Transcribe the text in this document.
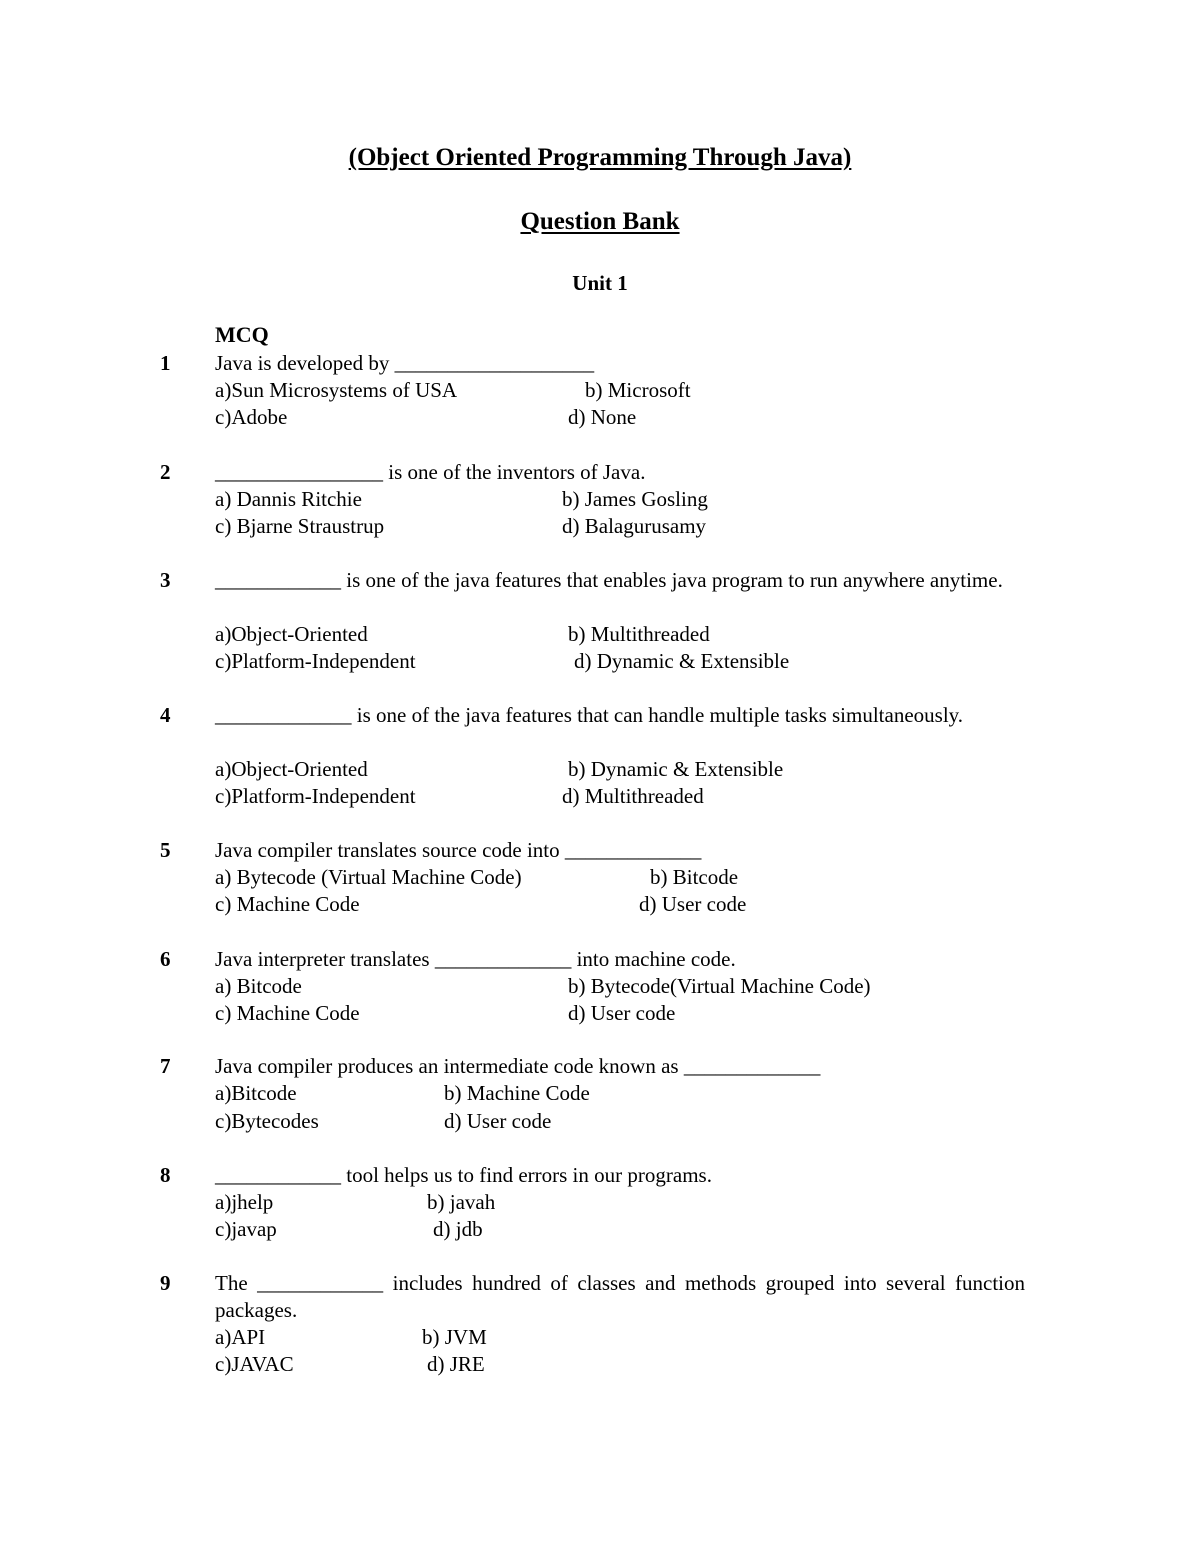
(Object Oriented Programming Through Java)
Question Bank
Unit 1
MCQ
1 Java is developed by ___________________
a)Sun Microsystems of USA	b) Microsoft
c)Adobe	d) None
2 ________________ is one of the inventors of Java.
a) Dannis Ritchie	b) James Gosling
c) Bjarne Straustrup	d) Balagurusamy
3 ____________ is one of the java features that enables java program to run anywhere anytime.
a)Object-Oriented	b) Multithreaded
c)Platform-Independent	d) Dynamic & Extensible
4 _____________ is one of the java features that can handle multiple tasks simultaneously.
a)Object-Oriented	b) Dynamic & Extensible
c)Platform-Independent	d) Multithreaded
5 Java compiler translates source code into _____________
a) Bytecode (Virtual Machine Code)	b) Bitcode
c) Machine Code	d) User code
6 Java interpreter translates _____________ into machine code.
a) Bitcode	b) Bytecode(Virtual Machine Code)
c) Machine Code	d) User code
7 Java compiler produces an intermediate code known as _____________
a)Bitcode	b) Machine Code
c)Bytecodes	d) User code
8 ____________ tool helps us to find errors in our programs.
a)jhelp	b) javah
c)javap	d) jdb
9 The ____________ includes hundred of classes and methods grouped into several function packages.
a)API	b) JVM
c)JAVAC	d) JRE
